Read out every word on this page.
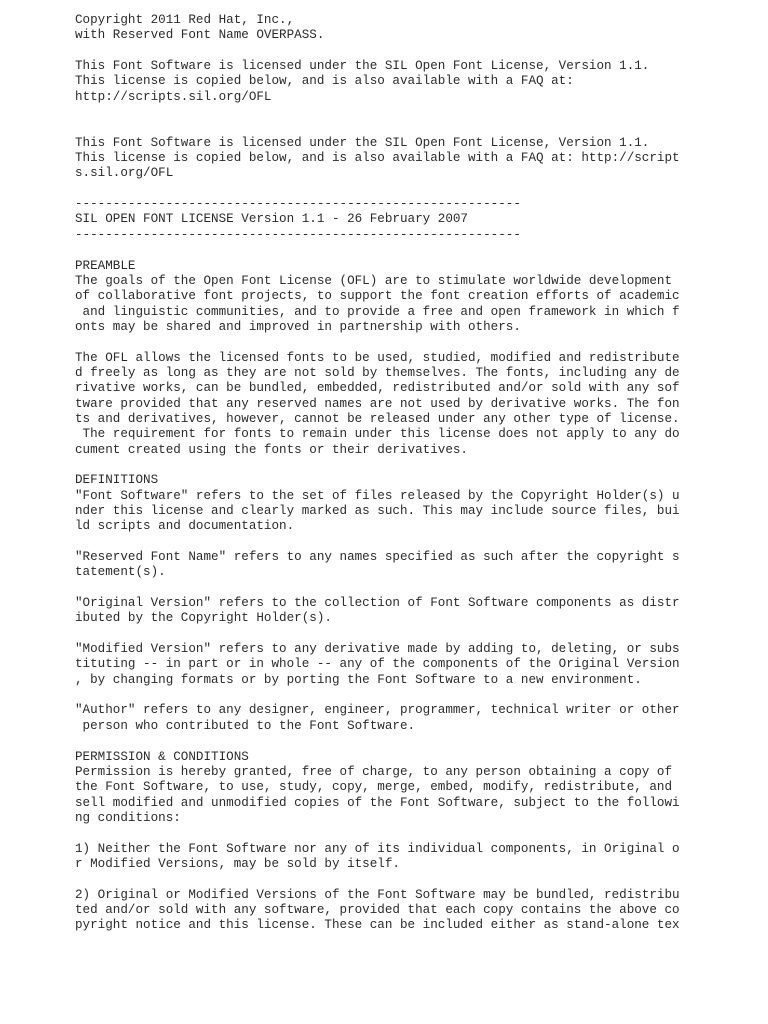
Copyright 2011 Red Hat, Inc.,
with Reserved Font Name OVERPASS.
This Font Software is licensed under the SIL Open Font License, Version 1.1.
This license is copied below, and is also available with a FAQ at:
http://scripts.sil.org/OFL
This Font Software is licensed under the SIL Open Font License, Version 1.1.
This license is copied below, and is also available with a FAQ at: http://script
s.sil.org/OFL
-----------------------------------------------------------
SIL OPEN FONT LICENSE Version 1.1 - 26 February 2007
-----------------------------------------------------------
PREAMBLE
The goals of the Open Font License (OFL) are to stimulate worldwide development
of collaborative font projects, to support the font creation efforts of academic
and linguistic communities, and to provide a free and open framework in which f
onts may be shared and improved in partnership with others.
The OFL allows the licensed fonts to be used, studied, modified and redistribute
d freely as long as they are not sold by themselves. The fonts, including any de
rivative works, can be bundled, embedded, redistributed and/or sold with any sof
tware provided that any reserved names are not used by derivative works. The fon
ts and derivatives, however, cannot be released under any other type of license.
The requirement for fonts to remain under this license does not apply to any do
cument created using the fonts or their derivatives.
DEFINITIONS
"Font Software" refers to the set of files released by the Copyright Holder(s) u
nder this license and clearly marked as such. This may include source files, bui
ld scripts and documentation.
"Reserved Font Name" refers to any names specified as such after the copyright s
tatement(s).
"Original Version" refers to the collection of Font Software components as distr
ibuted by the Copyright Holder(s).
"Modified Version" refers to any derivative made by adding to, deleting, or subs
tituting -- in part or in whole -- any of the components of the Original Version
, by changing formats or by porting the Font Software to a new environment.
"Author" refers to any designer, engineer, programmer, technical writer or other
person who contributed to the Font Software.
PERMISSION & CONDITIONS
Permission is hereby granted, free of charge, to any person obtaining a copy of
the Font Software, to use, study, copy, merge, embed, modify, redistribute, and
sell modified and unmodified copies of the Font Software, subject to the followi
ng conditions:
1) Neither the Font Software nor any of its individual components, in Original o
r Modified Versions, may be sold by itself.
2) Original or Modified Versions of the Font Software may be bundled, redistribu
ted and/or sold with any software, provided that each copy contains the above co
pyright notice and this license. These can be included either as stand-alone tex
